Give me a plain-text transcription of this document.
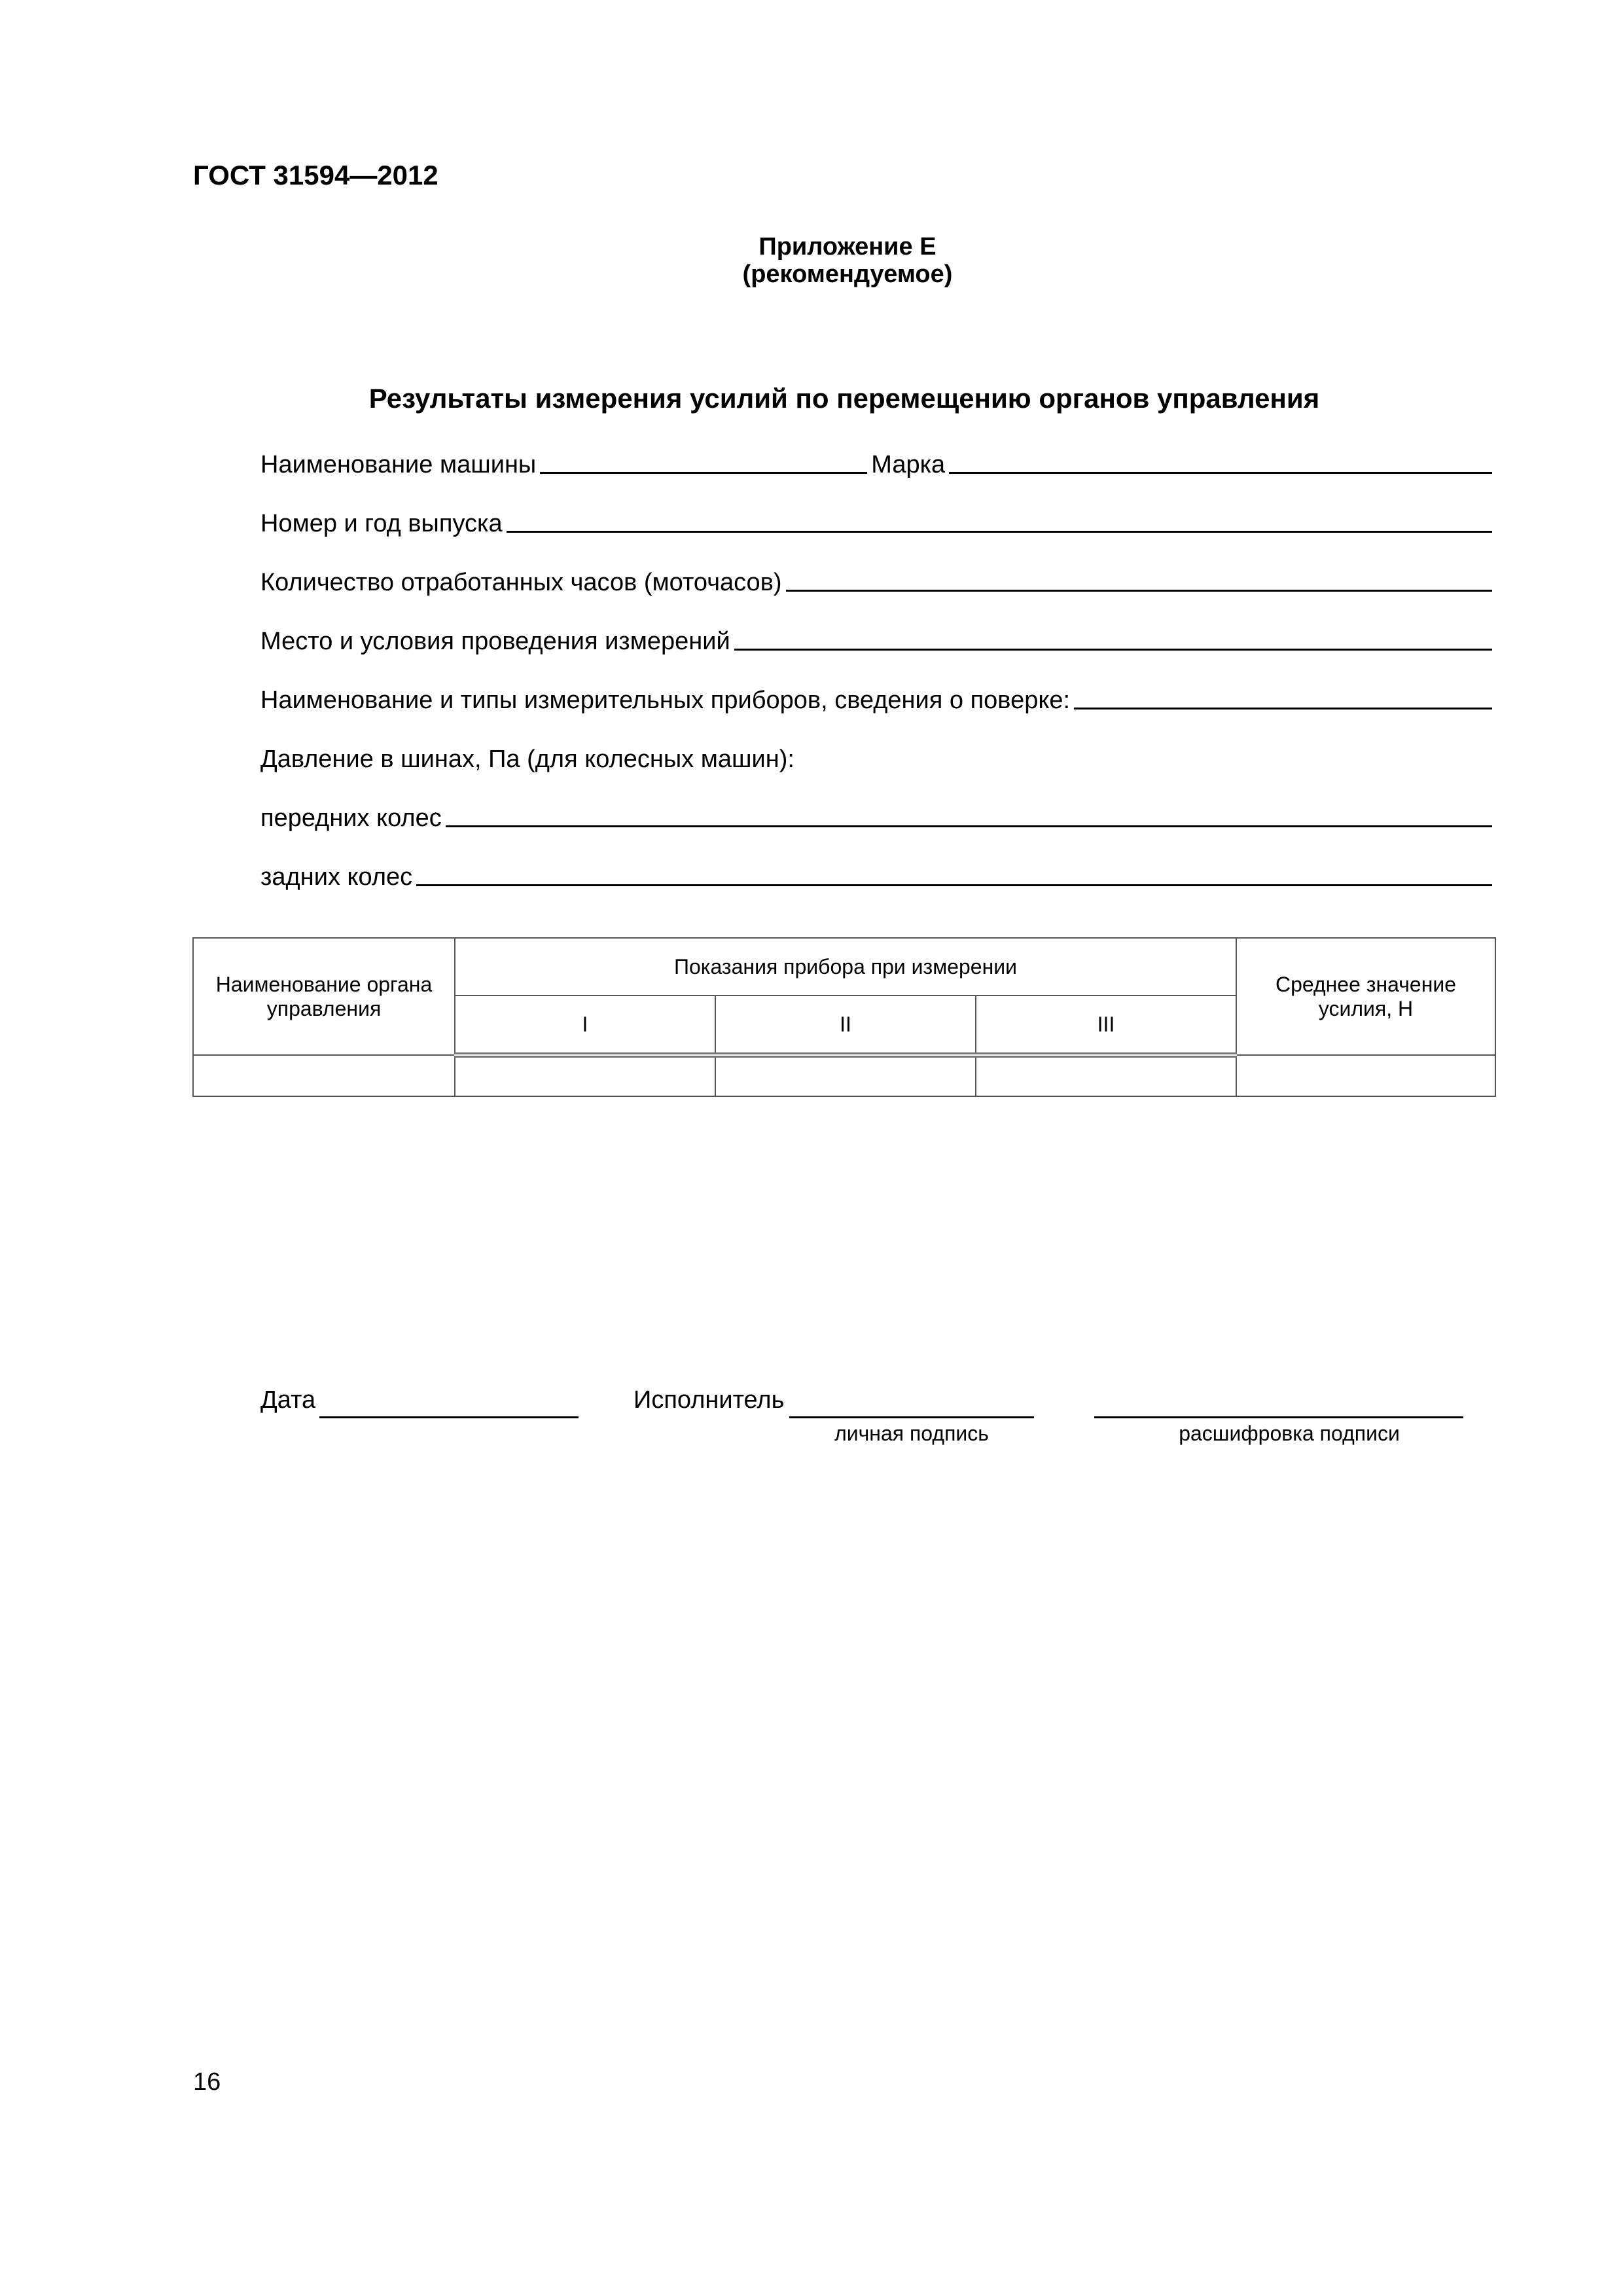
ГОСТ 31594—2012
Приложение Е
(рекомендуемое)
Результаты измерения усилий по перемещению органов управления
Наименование машины	Марка
Номер и год выпуска
Количество отработанных часов (моточасов)
Место и условия проведения измерений
Наименование и типы измерительных приборов, сведения о поверке:
Давление в шинах, Па (для колесных машин):
передних колес
задних колес
Наименование органа управления	Показания прибора при измерении			Среднее значение усилия, Н
	I	II	III	

Дата	Исполнитель
личная подпись	расшифровка подписи
16
